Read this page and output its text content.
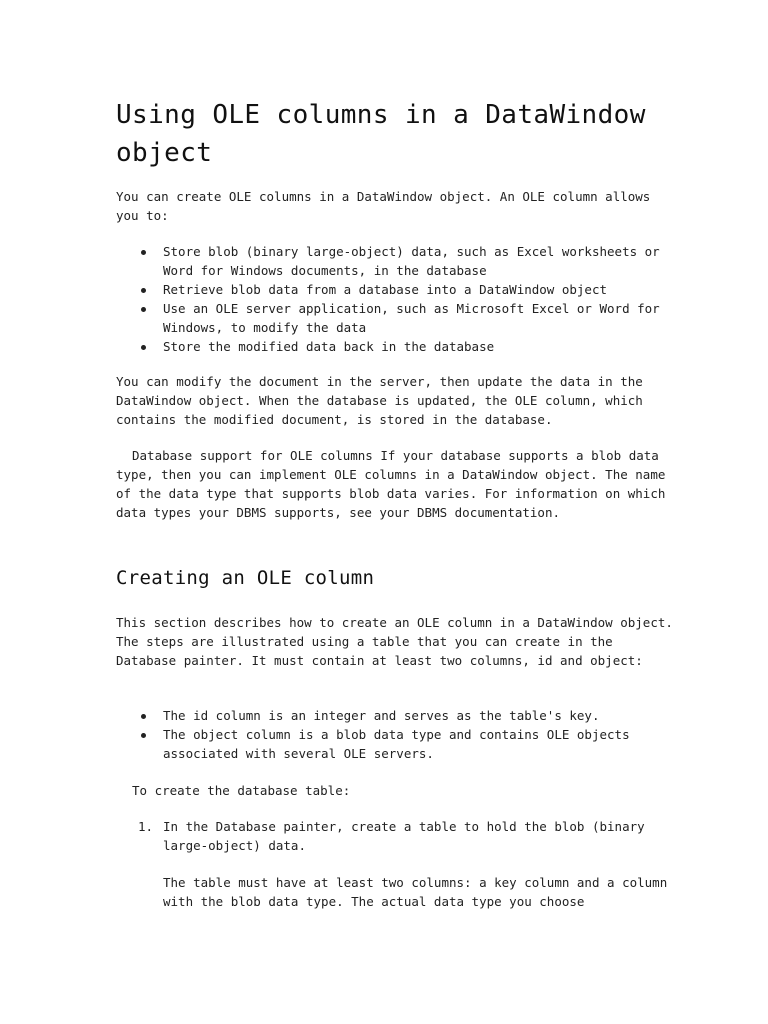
Using OLE columns in a DataWindow object

You can create OLE columns in a DataWindow object. An OLE column allows you to:

Store blob (binary large-object) data, such as Excel worksheets or Word for Windows documents, in the database
Retrieve blob data from a database into a DataWindow object
Use an OLE server application, such as Microsoft Excel or Word for Windows, to modify the data
Store the modified data back in the database

You can modify the document in the server, then update the data in the DataWindow object. When the database is updated, the OLE column, which contains the modified document, is stored in the database.

Database support for OLE columns If your database supports a blob data type, then you can implement OLE columns in a DataWindow object. The name of the data type that supports blob data varies. For information on which data types your DBMS supports, see your DBMS documentation.

Creating an OLE column

This section describes how to create an OLE column in a DataWindow object. The steps are illustrated using a table that you can create in the Database painter. It must contain at least two columns, id and object:

The id column is an integer and serves as the table's key.
The object column is a blob data type and contains OLE objects associated with several OLE servers.

To create the database table:

1. In the Database painter, create a table to hold the blob (binary large-object) data.

The table must have at least two columns: a key column and a column with the blob data type. The actual data type you choose
